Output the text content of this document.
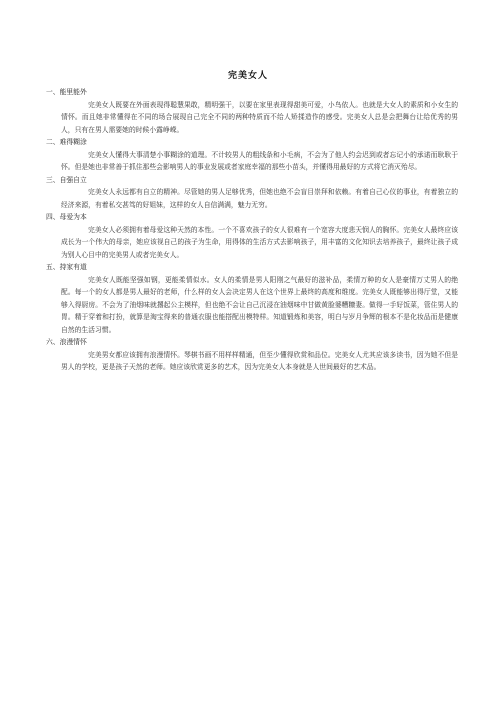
完美女人

一、能里能外

完美女人既要在外面表现得聪慧果敢，精明强干，以要在家里表现得甜美可爱，小鸟依人。也就是大女人的素质和小女生的情怀。而且她非常懂得在不同的场合展现自己完全不同的两种特质而不给人矫揉造作的感受。完美女人总是会把舞台让给优秀的男人，只有在男人需要她的时候小露峥嵘。

二、难得糊涂

完美女人懂得大事清楚小事糊涂的道理。不计较男人的粗线条和小毛病，不会为了他人约会迟到或者忘记小的承诺而耿耿于怀。但是她也非常善于抓住那些会影响男人的事业发展或者家庭幸福的那些小苗头，并懂得用最好的方式将它消灭殆尽。

三、自强自立

完美女人永远都有自立的精神。尽管她的男人足够优秀，但她也绝不会盲目崇拜和依赖。有着自己心仪的事业，有着独立的经济来源，有着私交甚笃的好姐妹，这样的女人自信满满，魅力无穷。

四、母爱为本

完美女人必须拥有着母爱这种天然的本性。一个不喜欢孩子的女人很难有一个宽容大度悲天悯人的胸怀。完美女人最终应该成长为一个伟大的母亲，她应该视自己的孩子为生命，用得体的生活方式去影响孩子，用丰富的文化知识去培养孩子，最终让孩子成为别人心目中的完美男人或者完美女人。

五、持家有道

完美女人既能坚强如钢，更能柔情似水。女人的柔情是男人阳刚之气最好的滋补品，柔情万种的女人是豪情万丈男人的绝配。每一个的女人都是男人最好的老师，什么样的女人会决定男人在这个世界上最终的高度和维度。完美女人既能够出得厅堂，又能够入得厨房。不会为了油烟味就撂起公主模样，但也绝不会让自己沉浸在油烟味中甘做黄脸婆糟糠妻。做得一手好饭菜，管住男人的胃。精于穿着和打扮，就算是淘宝得来的普通衣服也能搭配出模特样。知道锻炼和美容，明白与岁月争辉的根本不是化妆品而是健康自然的生活习惯。

六、浪漫情怀

完美男女都应该拥有浪漫情怀。琴棋书画不用样样精通，但至少懂得欣赏和品位。完美女人尤其应该多读书，因为她不但是男人的学校，更是孩子天然的老师。她应该欣赏更多的艺术，因为完美女人本身就是人世间最好的艺术品。
